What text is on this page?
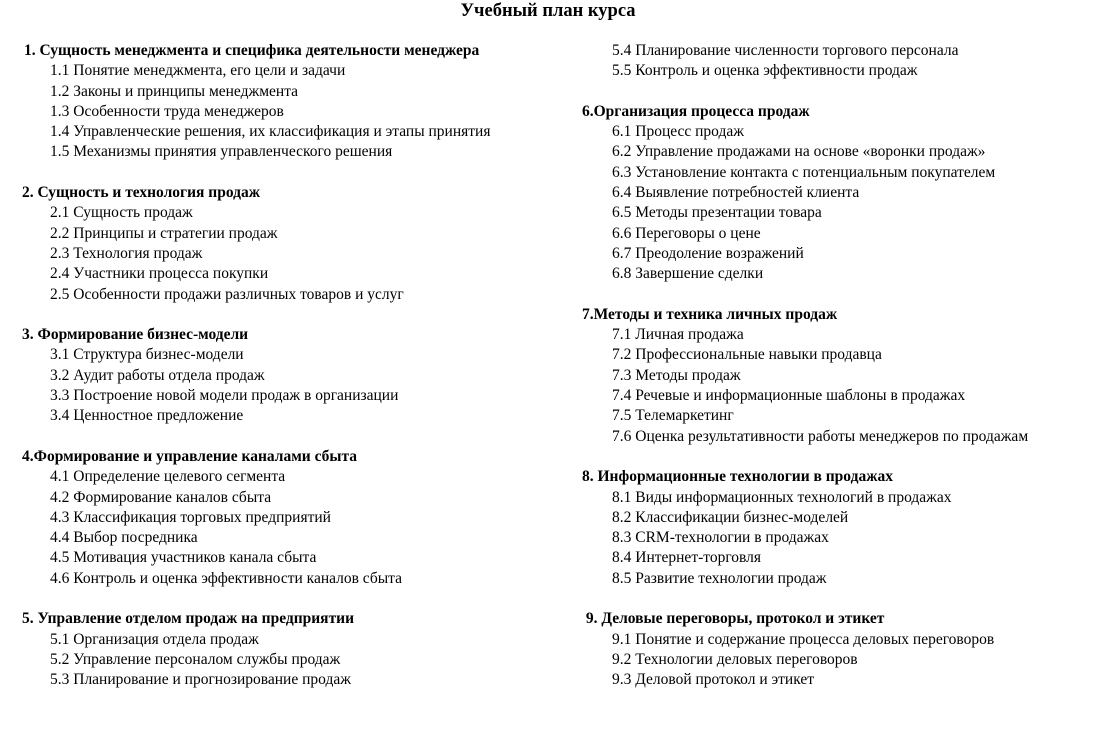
Учебный план курса
1. Сущность менеджмента и специфика деятельности менеджера
1.1 Понятие менеджмента, его цели и задачи
1.2 Законы и принципы менеджмента
1.3 Особенности труда менеджеров
1.4 Управленческие решения, их классификация и этапы принятия
1.5 Механизмы принятия управленческого решения
2. Сущность и технология продаж
2.1 Сущность продаж
2.2 Принципы и стратегии продаж
2.3 Технология продаж
2.4 Участники процесса покупки
2.5 Особенности продажи различных товаров и услуг
3. Формирование бизнес-модели
3.1 Структура бизнес-модели
3.2 Аудит работы отдела продаж
3.3 Построение новой модели продаж в организации
3.4 Ценностное предложение
4.Формирование и управление каналами сбыта
4.1 Определение целевого сегмента
4.2 Формирование каналов сбыта
4.3 Классификация торговых предприятий
4.4 Выбор посредника
4.5 Мотивация участников канала сбыта
4.6 Контроль и оценка эффективности каналов сбыта
5. Управление отделом продаж на предприятии
5.1 Организация отдела продаж
5.2 Управление персоналом службы продаж
5.3 Планирование и прогнозирование продаж
5.4 Планирование численности торгового персонала
5.5 Контроль и оценка эффективности продаж
6.Организация процесса продаж
6.1 Процесс продаж
6.2 Управление продажами на основе «воронки продаж»
6.3 Установление контакта с потенциальным покупателем
6.4 Выявление потребностей клиента
6.5 Методы презентации товара
6.6 Переговоры о цене
6.7 Преодоление возражений
6.8 Завершение сделки
7.Методы и техника личных продаж
7.1 Личная продажа
7.2 Профессиональные навыки продавца
7.3 Методы продаж
7.4 Речевые и информационные шаблоны в продажах
7.5 Телемаркетинг
7.6 Оценка результативности работы менеджеров по продажам
8. Информационные технологии в продажах
8.1 Виды информационных технологий в продажах
8.2 Классификации бизнес-моделей
8.3 CRM-технологии в продажах
8.4 Интернет-торговля
8.5 Развитие технологии продаж
9. Деловые переговоры, протокол и этикет
9.1 Понятие и содержание процесса деловых переговоров
9.2 Технологии деловых переговоров
9.3 Деловой протокол и этикет
